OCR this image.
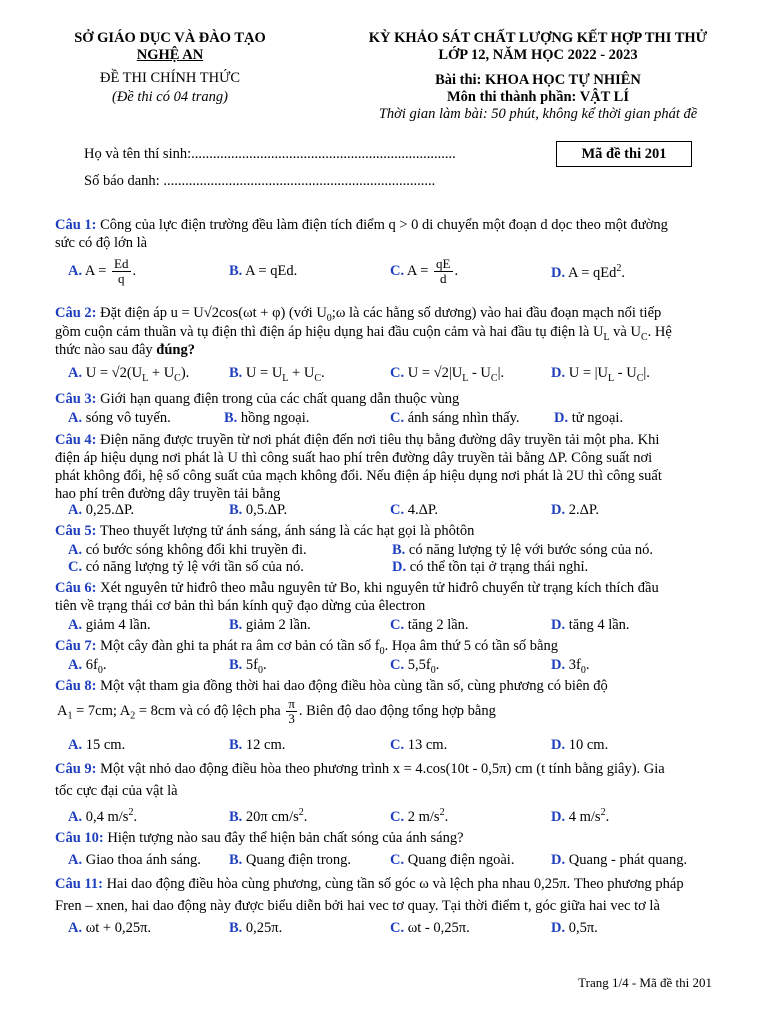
SỞ GIÁO DỤC VÀ ĐÀO TẠO
NGHỆ AN
ĐỀ THI CHÍNH THỨC
(Đề thi có 04 trang)
KỲ KHẢO SÁT CHẤT LƯỢNG KẾT HỢP THI THỬ
LỚP 12, NĂM HỌC 2022 - 2023
Bài thi: KHOA HỌC TỰ NHIÊN
Môn thi thành phần: VẬT LÍ
Thời gian làm bài: 50 phút, không kể thời gian phát đề
Họ và tên thí sinh:.........................................................................
Số báo danh: ...........................................................................
Mã đề thi 201
Câu 1: Công của lực điện trường đều làm điện tích điểm q > 0 di chuyển một đoạn d dọc theo một đường
sức có độ lớn là
A. $A = \frac{Ed}{q}$ .	B. A = qEd.	C. $A = \frac{qE}{d}$ .	D. A = qEd$^2$.
Câu 2: Đặt điện áp u = U√2cos(ωt + φ) (với $U_0;\omega$ là các hằng số dương) vào hai đầu đoạn mạch nối tiếp
gồm cuộn cảm thuần và tụ điện thì điện áp hiệu dụng hai đầu cuộn cảm và hai đầu tụ điện là $U_L$ và $U_C$. Hệ
thức nào sau đây đúng?
A. $U = √2(U_L + U_C)$.	B. $U = U_L + U_C$.	C. $U = √2|U_L - U_C|$.	D. $U = |U_L - U_C|$.
Câu 3: Giới hạn quang điện trong của các chất quang dẫn thuộc vùng
A. sóng vô tuyến.	B. hồng ngoại.	C. ánh sáng nhìn thấy. D. tử ngoại.
Câu 4: Điện năng được truyền từ nơi phát điện đến nơi tiêu thụ bằng đường dây truyền tải một pha. Khi
điện áp hiệu dụng nơi phát là U thì công suất hao phí trên đường dây truyền tải bằng ΔP. Công suất nơi
phát không đổi, hệ số công suất của mạch không đổi. Nếu điện áp hiệu dụng nơi phát là 2U thì công suất
hao phí trên đường dây truyền tải bằng
A. 0,25.ΔP.	B. 0,5.ΔP.	C. 4.ΔP.	D. 2.ΔP.
Câu 5: Theo thuyết lượng tử ánh sáng, ánh sáng là các hạt gọi là phôtôn
A. có bước sóng không đổi khi truyền đi.	B. có năng lượng tỷ lệ với bước sóng của nó.
C. có năng lượng tỷ lệ với tần số của nó.	D. có thể tồn tại ở trạng thái nghỉ.
Câu 6: Xét nguyên tử hiđrô theo mẫu nguyên tử Bo, khi nguyên tử hiđrô chuyển từ trạng kích thích đầu
tiên về trạng thái cơ bản thì bán kính quỹ đạo dừng của êlectron
A. giảm 4 lần.	B. giảm 2 lần.	C. tăng 2 lần.	D. tăng 4 lần.
Câu 7: Một cây đàn ghi ta phát ra âm cơ bản có tần số $f_0$. Họa âm thứ 5 có tần số bằng
A. $6f_0$.	B. $5f_0$.	C. $5,5f_0$.	D. $3f_0$.
Câu 8: Một vật tham gia đồng thời hai dao động điều hòa cùng tần số, cùng phương có biên độ
$A_1 = 7cm$; $A_2 = 8cm$ và có độ lệch pha $\frac{\pi}{3}$ . Biên độ dao động tổng hợp bằng
A. 15 cm.	B. 12 cm.	C. 13 cm.	D. 10 cm.
Câu 9: Một vật nhỏ dao động điều hòa theo phương trình x = 4.cos(10t - 0,5π) cm (t tính bằng giây). Gia
tốc cực đại của vật là
A. 0,4 $m/s^2$.	B. 20π $cm/s^2$.	C. 2 $m/s^2$.	D. 4 $m/s^2$.
Câu 10: Hiện tượng nào sau đây thể hiện bản chất sóng của ánh sáng?
A. Giao thoa ánh sáng. B. Quang điện trong.	C. Quang điện ngoài.	D. Quang - phát quang.
Câu 11: Hai dao động điều hòa cùng phương, cùng tần số góc ω và lệch pha nhau 0,25π. Theo phương pháp
Fren – xnen, hai dao động này được biểu diễn bởi hai vec tơ quay. Tại thời điểm t, góc giữa hai vec tơ là
A. ωt + 0,25π.	B. 0,25π.	C. ωt - 0,25π.	D. 0,5π.
Trang 1/4 - Mã đề thi 201
